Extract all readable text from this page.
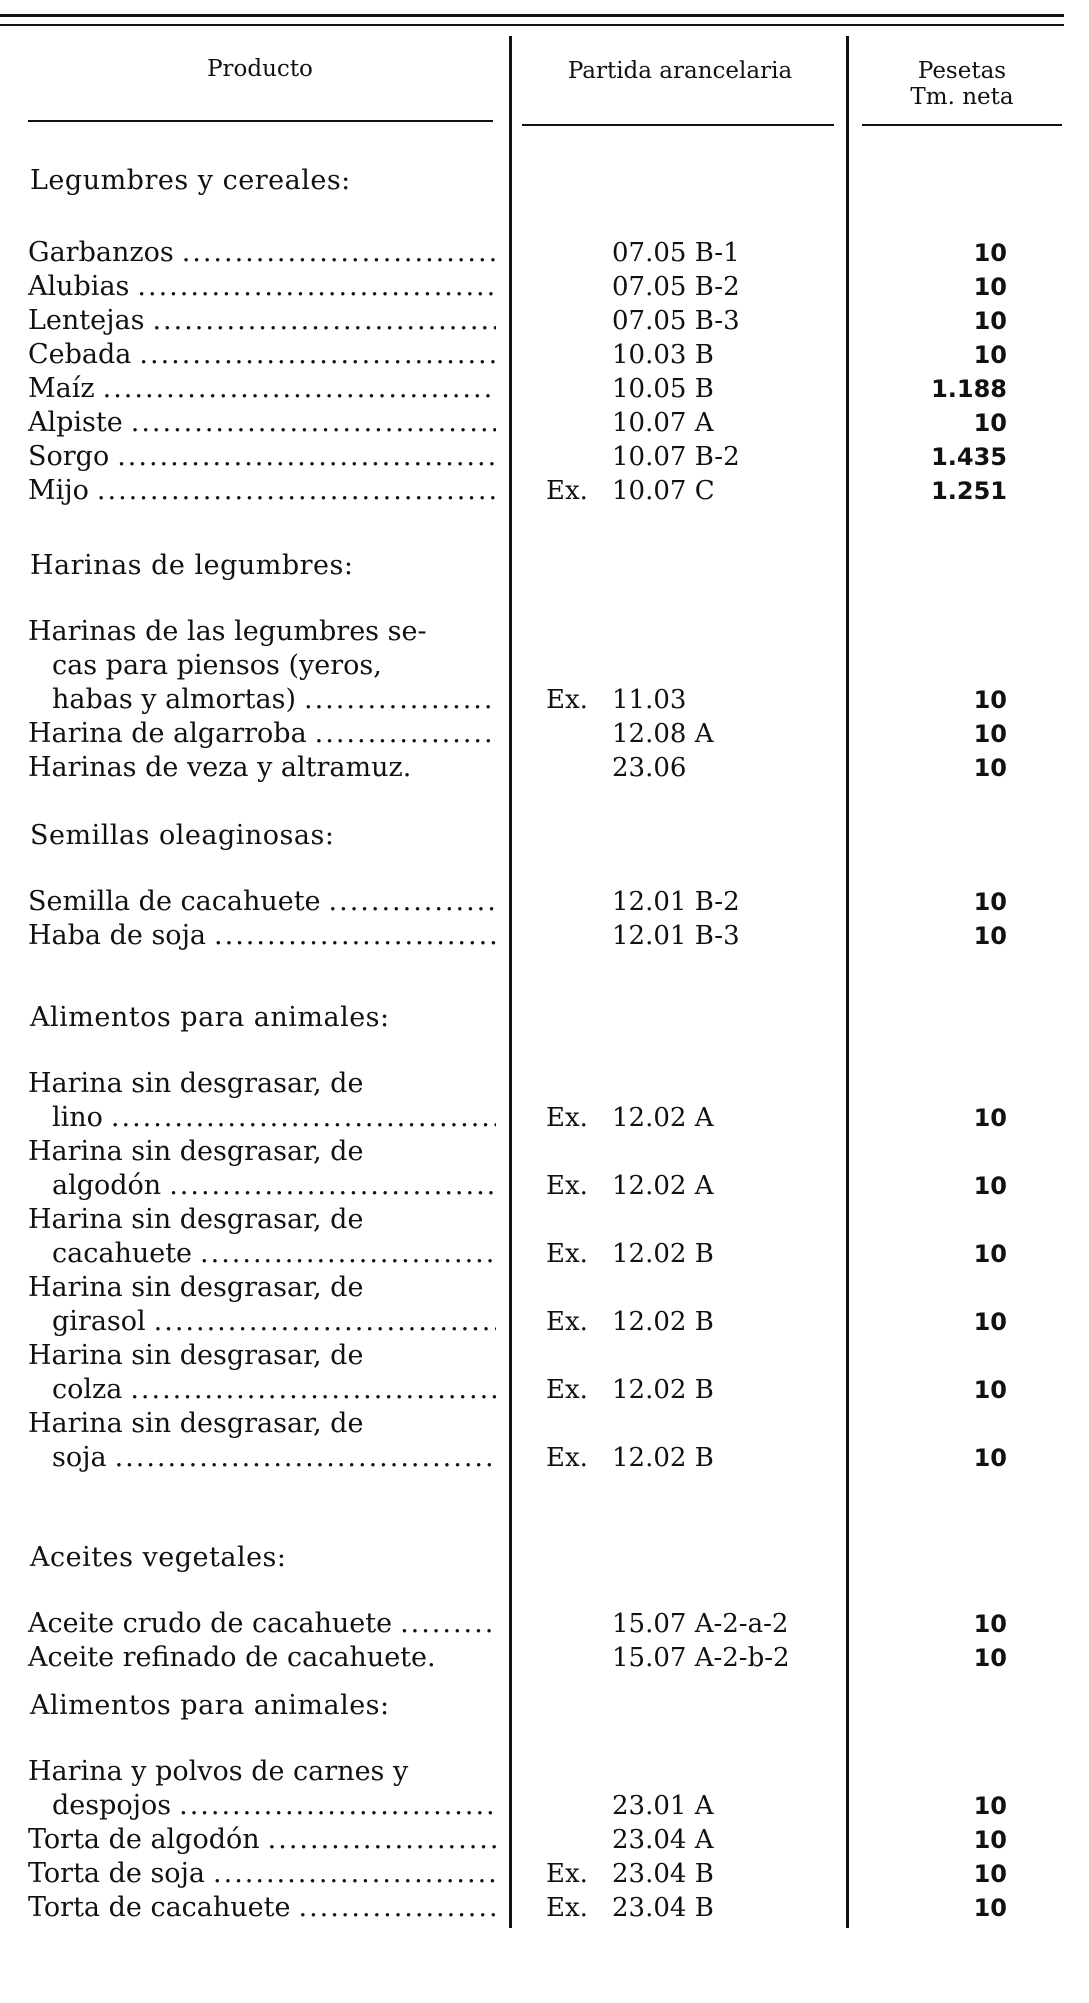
Producto	Partida arancelaria	Pesetas
Tm. neta
Legumbres y cereales:
Garbanzos .....	07.05 B-1	10
Alubias .....	07.05 B-2	10
Lentejas .....	07.05 B-3	10
Cebada .....	10.03 B	10
Maíz .....	10.05 B	1.188
Alpiste .....	10.07 A	10
Sorgo .....	10.07 B-2	1.435
Mijo .....	Ex. 10.07 C	1.251
Harinas de legumbres:
Harinas de las legumbres se-
cas para piensos (yeros,
habas y almortas) .....	Ex. 11.03	10
Harina de algarroba .....	12.08 A	10
Harinas de veza y altramuz.	23.06	10
Semillas oleaginosas:
Semilla de cacahuete .....	12.01 B-2	10
Haba de soja .....	12.01 B-3	10
Alimentos para animales:
Harina sin desgrasar, de
lino .....	Ex. 12.02 A	10
Harina sin desgrasar, de
algodón .....	Ex. 12.02 A	10
Harina sin desgrasar, de
cacahuete .....	Ex. 12.02 B	10
Harina sin desgrasar, de
girasol .....	Ex. 12.02 B	10
Harina sin desgrasar, de
colza .....	Ex. 12.02 B	10
Harina sin desgrasar, de
soja .....	Ex. 12.02 B	10
Aceites vegetales:
Aceite crudo de cacahuete .....	15.07 A-2-a-2	10
Aceite refinado de cacahuete.	15.07 A-2-b-2	10
Alimentos para animales:
Harina y polvos de carnes y
despojos .....	23.01 A	10
Torta de algodón .....	23.04 A	10
Torta de soja .....	Ex. 23.04 B	10
Torta de cacahuete .....	Ex. 23.04 B	10
